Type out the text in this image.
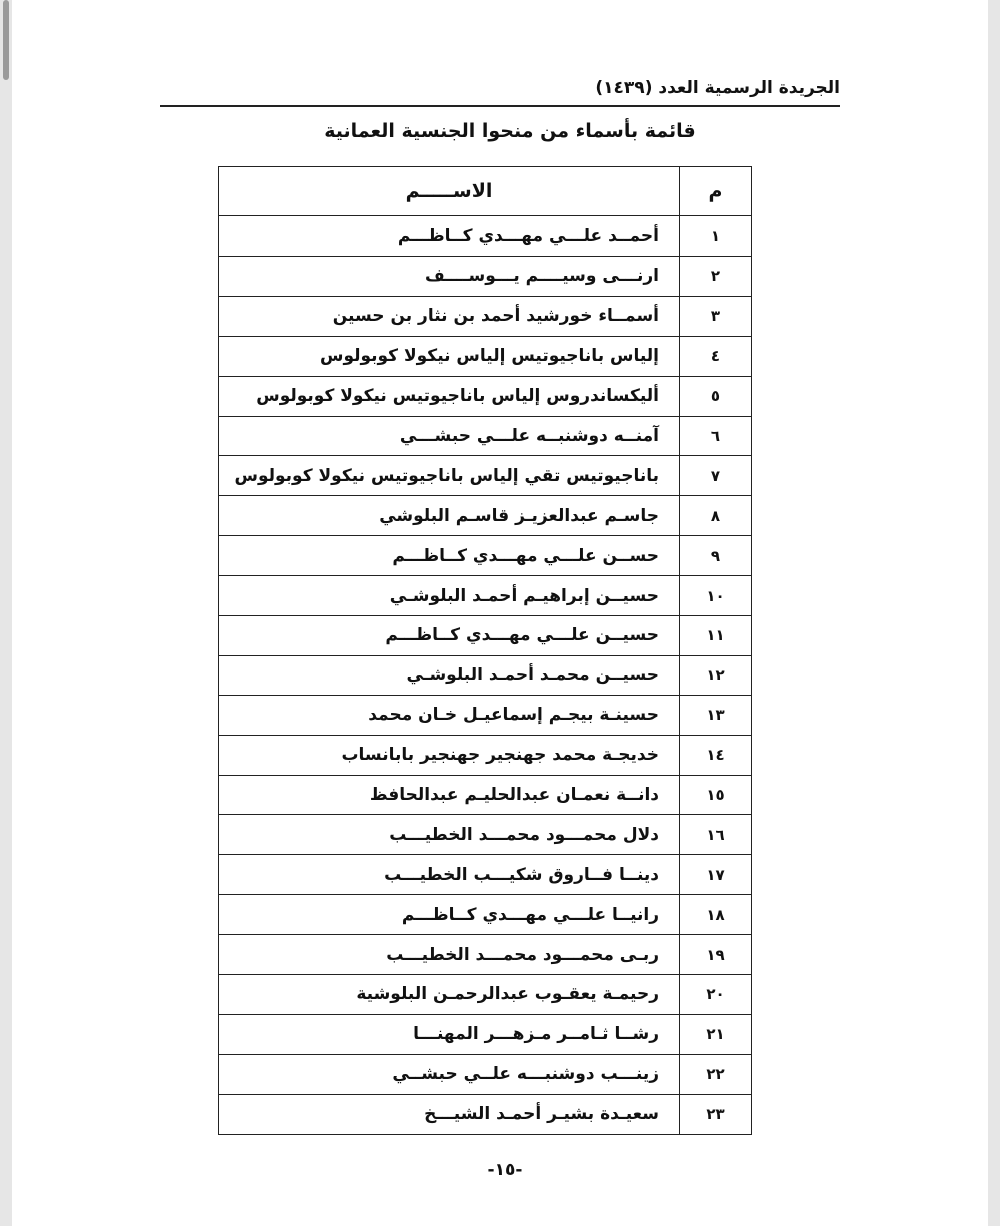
الجريدة الرسمية العدد (١٤٣٩)
قائمة بأسماء من منحوا الجنسية العمانية
م	الاســـــم
١	أحمــد علـــي مهـــدي كــاظـــم
٢	ارنـــى وسيــــم يـــوســــف
٣	أسمــاء خورشيد أحمد بن نثار بن حسين
٤	إلياس باناجيوتيس إلياس نيكولا كوبولوس
٥	أليكساندروس إلياس باناجيوتيس نيكولا كوبولوس
٦	آمنــه دوشنبــه علـــي حبشـــي
٧	باناجيوتيس تقي إلياس باناجيوتيس نيكولا كوبولوس
٨	جاسـم عبدالعزيـز قاسـم البلوشي
٩	حســن علـــي مهـــدي كــاظـــم
١٠	حسيــن إبراهيـم أحمـد البلوشـي
١١	حسيــن علـــي مهـــدي كــاظـــم
١٢	حسيــن محمـد أحمـد البلوشـي
١٣	حسينـة بيجـم إسماعيـل خـان محمد
١٤	خديجـة محمد جهنجير جهنجير بابانساب
١٥	دانــة نعمـان عبدالحليـم عبدالحافظ
١٦	دلال محمـــود محمـــد الخطيـــب
١٧	دينــا فــاروق شكيـــب الخطيـــب
١٨	رانيــا علـــي مهـــدي كــاظـــم
١٩	ربـى محمـــود محمـــد الخطيـــب
٢٠	رحيمـة يعقـوب عبدالرحمـن البلوشية
٢١	رشــا ثـامــر مـزهـــر المهنـــا
٢٢	زينـــب دوشنبـــه علــي حبشــي
٢٣	سعيـدة بشيـر أحمـد الشيـــخ
-١٥-
